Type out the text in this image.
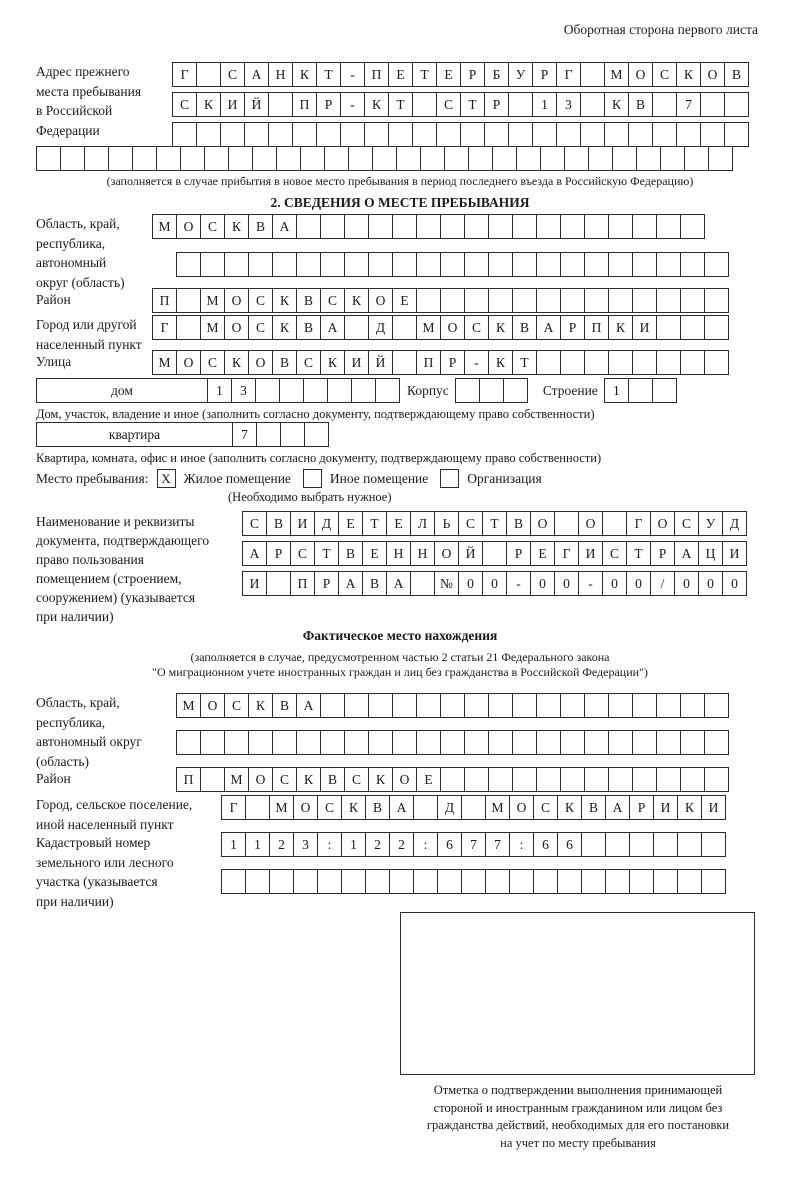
Оборотная сторона первого листа
Адрес прежнего
места пребывания
в Российской
Федерации
Г	С	А	Н	К	Т	-	П	Е	Т	Е	Р	Б	У	Р	Г	М О	С	К	О	В
С	К	И	Й	П	Р	-	К	Т	С	Т	Р	1	3	К	В	7
(заполняется в случае прибытия в новое место пребывания в период последнего въезда в Российскую Федерацию)
2. СВЕДЕНИЯ О МЕСТЕ ПРЕБЫВАНИЯ
Область, край,
республика,
автономный
округ (область)
М О	С	К	В	А
Район	П	М О	С	К	В	С	К	О	Е
Город или другой
населенный пункт
Г	М О	С	К	В	А	Д	М О	С	К	В	А	Р	П	К	И
Улица	М О	С	К	О	В	С	К	И	Й	П	Р	-	К	Т
дом	1	3	Корпус	Строение	1
Дом, участок, владение и иное (заполнить согласно документу, подтверждающему право собственности)
квартира	7
Квартира, комната, офис и иное (заполнить согласно документу, подтверждающему право собственности)
Место пребывания: X Жилое помещение	Иное помещение	Организация
(Необходимо выбрать нужное)
Наименование и реквизиты
документа, подтверждающего
право пользования
помещением (строением,
сооружением) (указывается
при наличии)
С	В	И	Д	Е	Т	Е	Л	Ь	С	Т	В	О	О	Г	О	С	У	Д
А	Р	С	Т	В	Е	Н	Н	О	Й	Р	Е	Г	И	С	Т	Р	А	Ц	И
И	П	Р	А	В	А	№	0	0	-	0	0	-	0	0	/	0	0	0
Фактическое место нахождения
(заполняется в случае, предусмотренном частью 2 статьи 21 Федерального закона
"О миграционном учете иностранных граждан и лиц без гражданства в Российской Федерации")
Область, край,
республика,
автономный округ
(область)
М О	С	К	В	А
Район	П	М О	С	К	В	С	К	О	Е
Город, сельское поселение,
иной населенный пункт
Г	М О	С	К	В	А	Д	М О	С	К	В	А	Р	И	К	И
Кадастровый номер
земельного или лесного
участка (указывается
при наличии)
1	1	2	3	:	1	2	2	:	6	7	7	:	6	6
Отметка о подтверждении выполнения принимающей
стороной и иностранным гражданином или лицом без
гражданства действий, необходимых для его постановки
на учет по месту пребывания
